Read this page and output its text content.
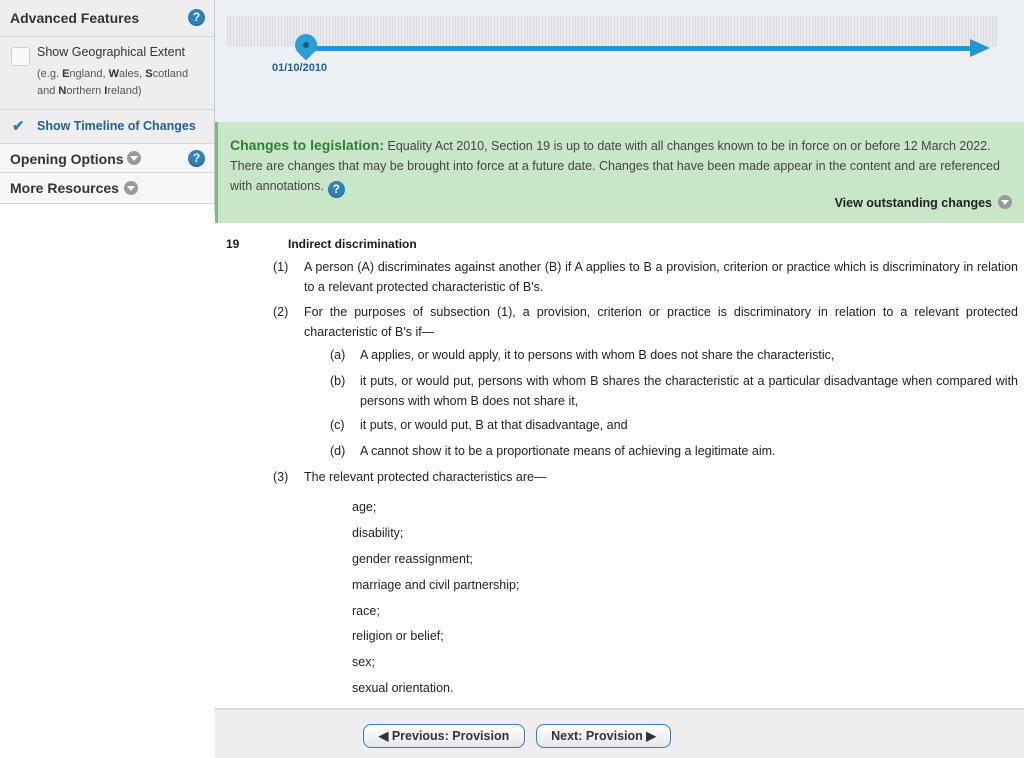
Advanced Features	?
Show Geographical Extent
(e.g. England, Wales, Scotland and Northern Ireland)
✔ Show Timeline of Changes
Opening Options	?
More Resources
01/10/2010
Changes to legislation: Equality Act 2010, Section 19 is up to date with all changes known to be in force on or before 12 March 2022. There are changes that may be brought into force at a future date. Changes that have been made appear in the content and are referenced with annotations. ?
View outstanding changes
19	Indirect discrimination
(1) A person (A) discriminates against another (B) if A applies to B a provision, criterion or practice which is discriminatory in relation to a relevant protected characteristic of B's.
(2) For the purposes of subsection (1), a provision, criterion or practice is discriminatory in relation to a relevant protected characteristic of B's if—
(a) A applies, or would apply, it to persons with whom B does not share the characteristic,
(b) it puts, or would put, persons with whom B shares the characteristic at a particular disadvantage when compared with persons with whom B does not share it,
(c) it puts, or would put, B at that disadvantage, and
(d) A cannot show it to be a proportionate means of achieving a legitimate aim.
(3) The relevant protected characteristics are—
age;
disability;
gender reassignment;
marriage and civil partnership;
race;
religion or belief;
sex;
sexual orientation.
◀ Previous: Provision	Next: Provision ▶
